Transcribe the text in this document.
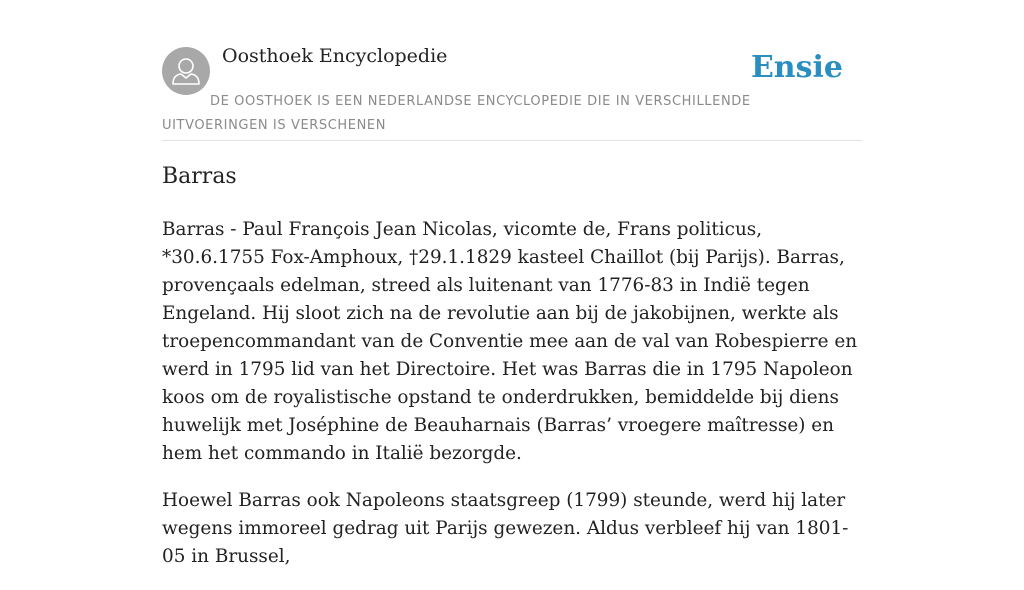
Oosthoek Encyclopedie	Ensie
DE OOSTHOEK IS EEN NEDERLANDSE ENCYCLOPEDIE DIE IN VERSCHILLENDE UITVOERINGEN IS VERSCHENEN
Barras

Barras - Paul François Jean Nicolas, vicomte de, Frans politicus, *30.6.1755 Fox-Amphoux, †29.1.1829 kasteel Chaillot (bij Parijs). Barras, provençaals edelman, streed als luitenant van 1776-83 in Indië tegen Engeland. Hij sloot zich na de revolutie aan bij de jakobijnen, werkte als troepencommandant van de Conventie mee aan de val van Robespierre en werd in 1795 lid van het Directoire. Het was Barras die in 1795 Napoleon koos om de royalistische opstand te onderdrukken, bemiddelde bij diens huwelijk met Joséphine de Beauharnais (Barras’ vroegere maîtresse) en hem het commando in Italië bezorgde.

Hoewel Barras ook Napoleons staatsgreep (1799) steunde, werd hij later wegens immoreel gedrag uit Parijs gewezen. Aldus verbleef hij van 1801-05 in Brussel,
